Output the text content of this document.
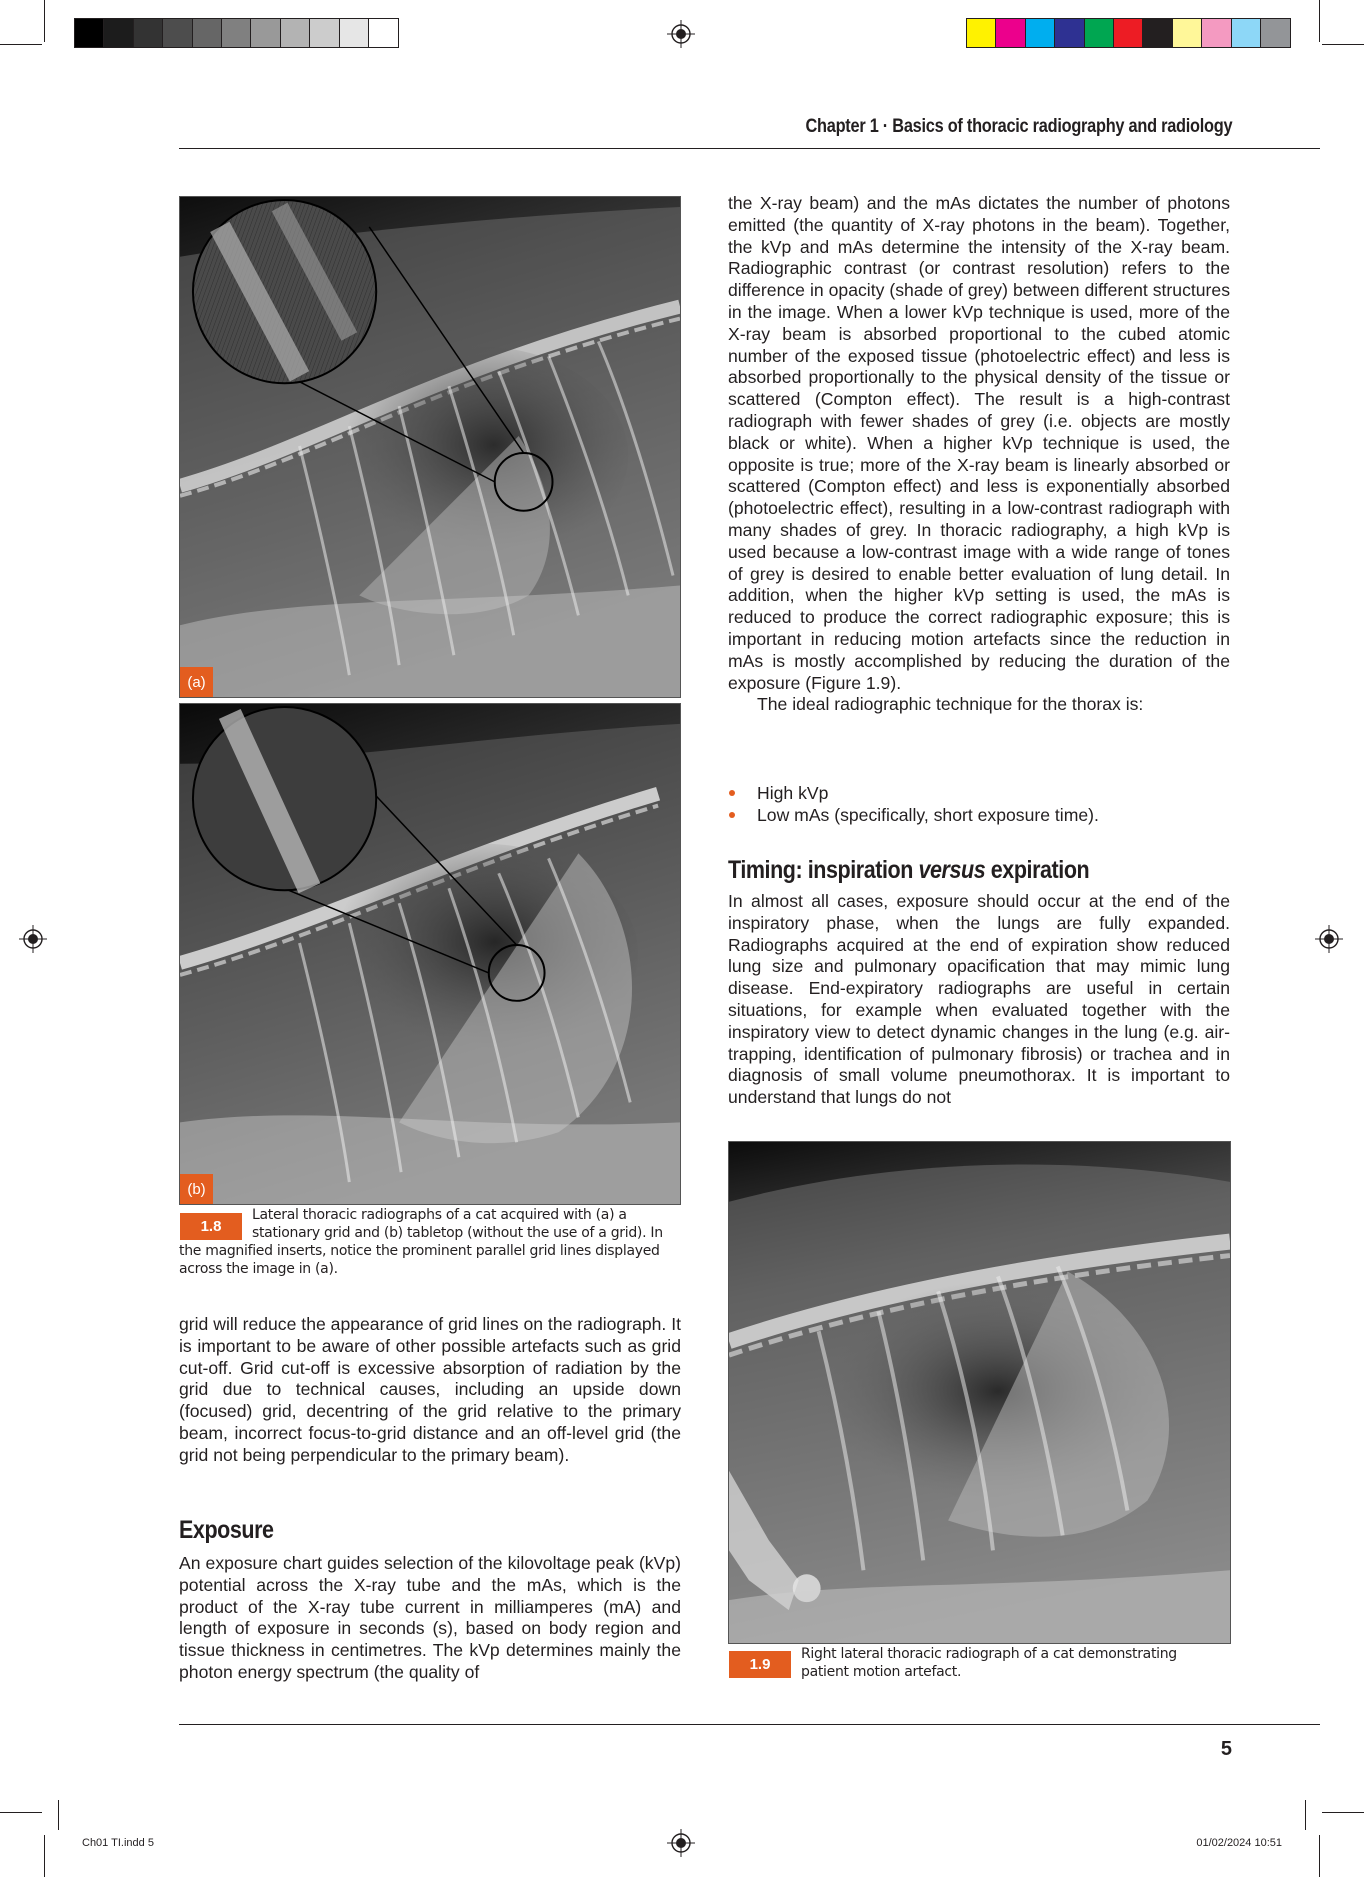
Chapter 1 · Basics of thoracic radiography and radiology
(a)
(b)
1.8
Lateral thoracic radiographs of a cat acquired with (a) a stationary grid and (b) tabletop (without the use of a grid). In the magnified inserts, notice the prominent parallel grid lines displayed across the image in (a).

grid will reduce the appearance of grid lines on the radiograph. It is important to be aware of other possible artefacts such as grid cut-off. Grid cut-off is excessive absorption of radiation by the grid due to technical causes, including an upside down (focused) grid, decentring of the grid relative to the primary beam, incorrect focus-to-grid distance and an off-level grid (the grid not being perpendicular to the primary beam).

Exposure

An exposure chart guides selection of the kilovoltage peak (kVp) potential across the X-ray tube and the mAs, which is the product of the X-ray tube current in milliamperes (mA) and length of exposure in seconds (s), based on body region and tissue thickness in centimetres. The kVp determines mainly the photon energy spectrum (the quality of

the X-ray beam) and the mAs dictates the number of photons emitted (the quantity of X-ray photons in the beam). Together, the kVp and mAs determine the intensity of the X-ray beam. Radiographic contrast (or contrast resolution) refers to the difference in opacity (shade of grey) between different structures in the image. When a lower kVp technique is used, more of the X-ray beam is absorbed proportional to the cubed atomic number of the exposed tissue (photoelectric effect) and less is absorbed proportionally to the physical density of the tissue or scattered (Compton effect). The result is a high-contrast radiograph with fewer shades of grey (i.e. objects are mostly black or white). When a higher kVp technique is used, the opposite is true; more of the X-ray beam is linearly absorbed or scattered (Compton effect) and less is exponentially absorbed (photoelectric effect), resulting in a low-contrast radiograph with many shades of grey. In thoracic radiography, a high kVp is used because a low-contrast image with a wide range of tones of grey is desired to enable better evaluation of lung detail. In addition, when the higher kVp setting is used, the mAs is reduced to produce the correct radiographic exposure; this is important in reducing motion artefacts since the reduction in mAs is mostly accomplished by reducing the duration of the exposure (Figure 1.9).

The ideal radiographic technique for the thorax is:

High kVp
Low mAs (specifically, short exposure time).
Timing: inspiration versus expiration

In almost all cases, exposure should occur at the end of the inspiratory phase, when the lungs are fully expanded. Radiographs acquired at the end of expiration show reduced lung size and pulmonary opacification that may mimic lung disease. End-expiratory radiographs are useful in certain situations, for example when evaluated together with the inspiratory view to detect dynamic changes in the lung (e.g. air-trapping, identification of pulmonary fibrosis) or trachea and in diagnosis of small volume pneumothorax. It is important to understand that lungs do not

1.9
Right lateral thoracic radiograph of a cat demonstrating patient motion artefact.
5
Ch01 TI.indd 5	01/02/2024 10:51
